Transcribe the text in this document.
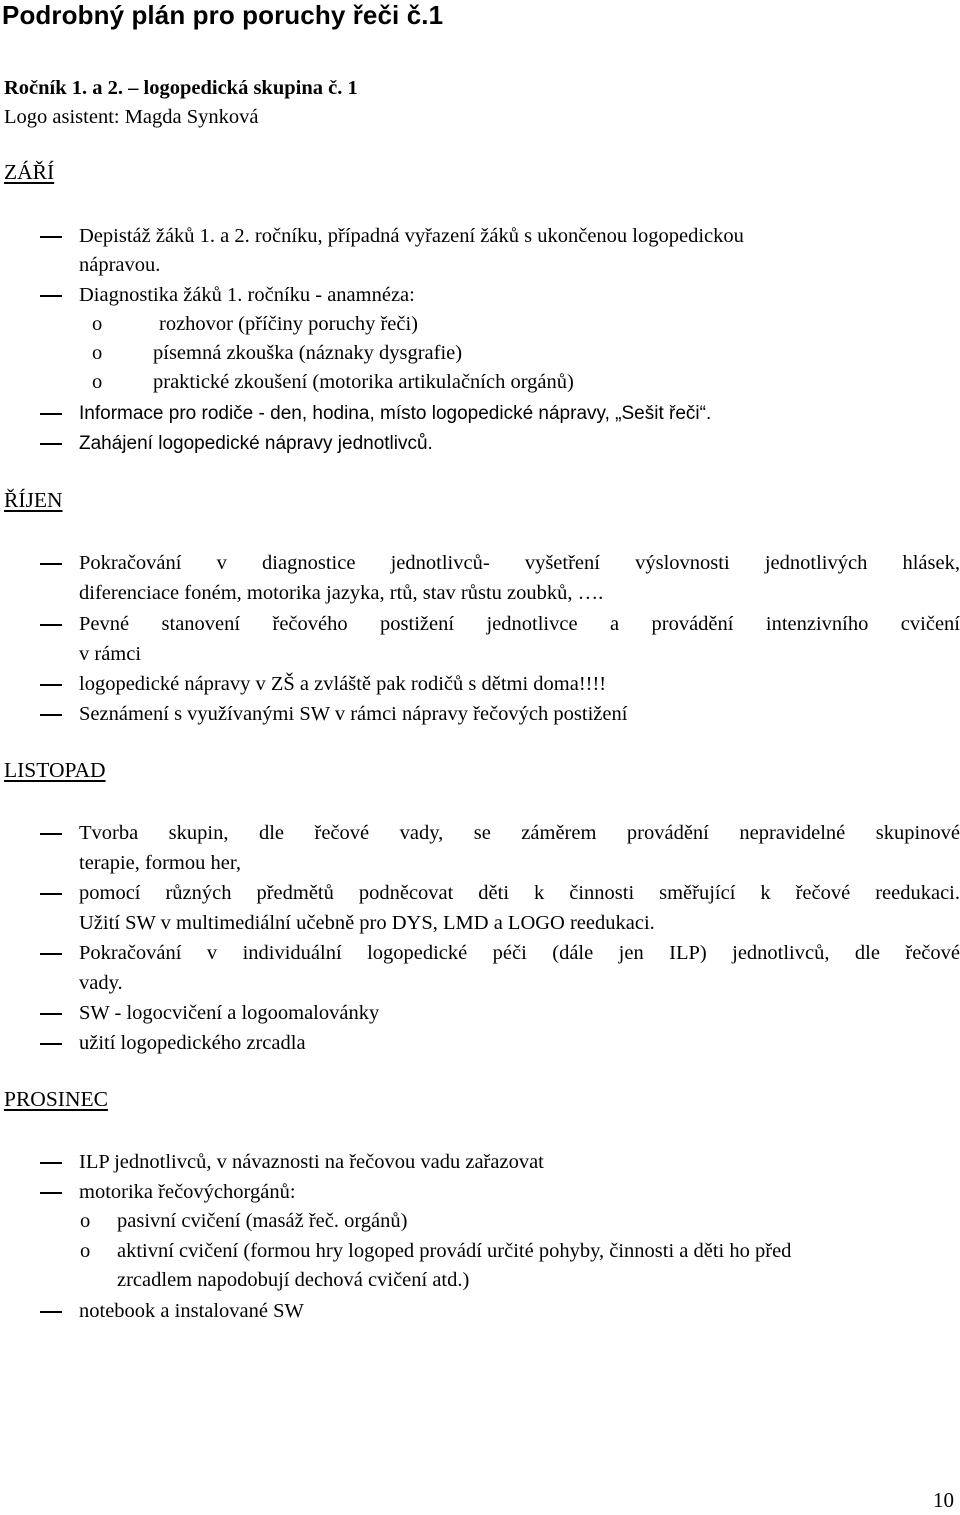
Podrobný plán pro poruchy řeči č.1
Ročník 1. a 2. – logopedická skupina č. 1
Logo asistent: Magda Synková
ZÁŘÍ
Depistáž žáků 1. a 2. ročníku, případná vyřazení žáků s ukončenou logopedickou
nápravou.
Diagnostika žáků 1. ročníku - anamnéza:
o	rozhovor (příčiny poruchy řeči)
o písemná zkouška (náznaky dysgrafie)
o praktické zkoušení (motorika artikulačních orgánů)
Informace pro rodiče - den, hodina, místo logopedické nápravy, „Sešit řeči“.
Zahájení logopedické nápravy jednotlivců.
ŘÍJEN
Pokračování v diagnostice jednotlivců- vyšetření výslovnosti jednotlivých hlásek,
diferenciace foném, motorika jazyka, rtů, stav růstu zoubků, ….
Pevné stanovení řečového postižení jednotlivce a provádění intenzivního cvičení
v rámci
logopedické nápravy v ZŠ a zvláště pak rodičů s dětmi doma!!!!
Seznámení s využívanými SW v rámci nápravy řečových postižení
LISTOPAD
Tvorba skupin, dle řečové vady, se záměrem provádění nepravidelné skupinové
terapie, formou her,
pomocí různých předmětů podněcovat děti k činnosti směřující k řečové reedukaci.
Užití SW v multimediální učebně pro DYS, LMD a LOGO reedukaci.
Pokračování v individuální logopedické péči (dále jen ILP) jednotlivců, dle řečové
vady.
SW - logocvičení a logoomalovánky
užití logopedického zrcadla
PROSINEC
ILP jednotlivců, v návaznosti na řečovou vadu zařazovat
motorika řečovýchorgánů:
o pasivní cvičení (masáž řeč. orgánů)
o aktivní cvičení (formou hry logoped provádí určité pohyby, činnosti a děti ho před
zrcadlem napodobují dechová cvičení atd.)
notebook a instalované SW
10
